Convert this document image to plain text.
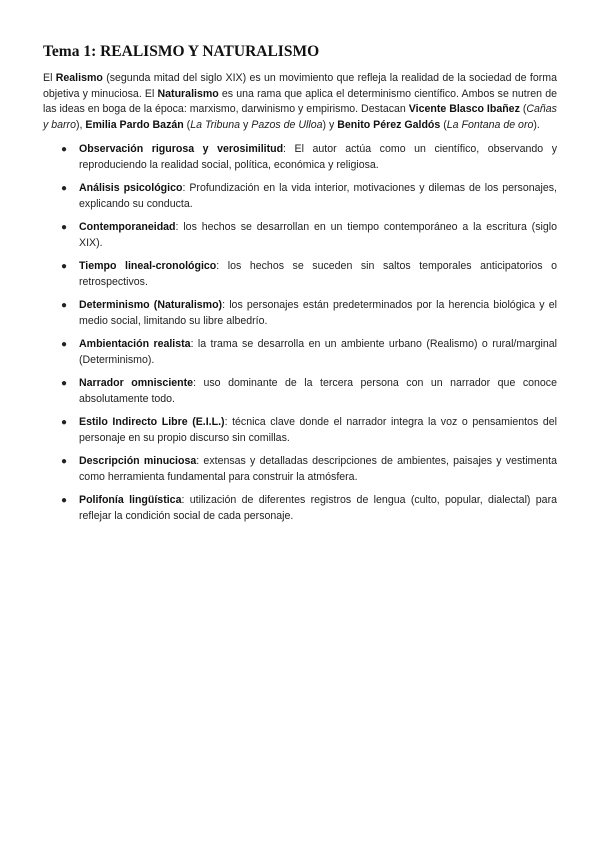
Tema 1: REALISMO Y NATURALISMO

El Realismo (segunda mitad del siglo XIX) es un movimiento que refleja la realidad de la sociedad de forma objetiva y minuciosa. El Naturalismo es una rama que aplica el determinismo científico. Ambos se nutren de las ideas en boga de la época: marxismo, darwinismo y empirismo. Destacan Vicente Blasco Ibañez (Cañas y barro), Emilia Pardo Bazán (La Tribuna y Pazos de Ulloa) y Benito Pérez Galdós (La Fontana de oro).

● Observación rigurosa y verosimilitud: El autor actúa como un científico, observando y reproduciendo la realidad social, política, económica y religiosa.
● Análisis psicológico: Profundización en la vida interior, motivaciones y dilemas de los personajes, explicando su conducta.
● Contemporaneidad: los hechos se desarrollan en un tiempo contemporáneo a la escritura (siglo XIX).
● Tiempo lineal-cronológico: los hechos se suceden sin saltos temporales anticipatorios o retrospectivos.
● Determinismo (Naturalismo): los personajes están predeterminados por la herencia biológica y el medio social, limitando su libre albedrío.
● Ambientación realista: la trama se desarrolla en un ambiente urbano (Realismo) o rural/marginal (Determinismo).
● Narrador omnisciente: uso dominante de la tercera persona con un narrador que conoce absolutamente todo.
● Estilo Indirecto Libre (E.I.L.): técnica clave donde el narrador integra la voz o pensamientos del personaje en su propio discurso sin comillas.
● Descripción minuciosa: extensas y detalladas descripciones de ambientes, paisajes y vestimenta como herramienta fundamental para construir la atmósfera.
● Polifonía lingüística: utilización de diferentes registros de lengua (culto, popular, dialectal) para reflejar la condición social de cada personaje.
